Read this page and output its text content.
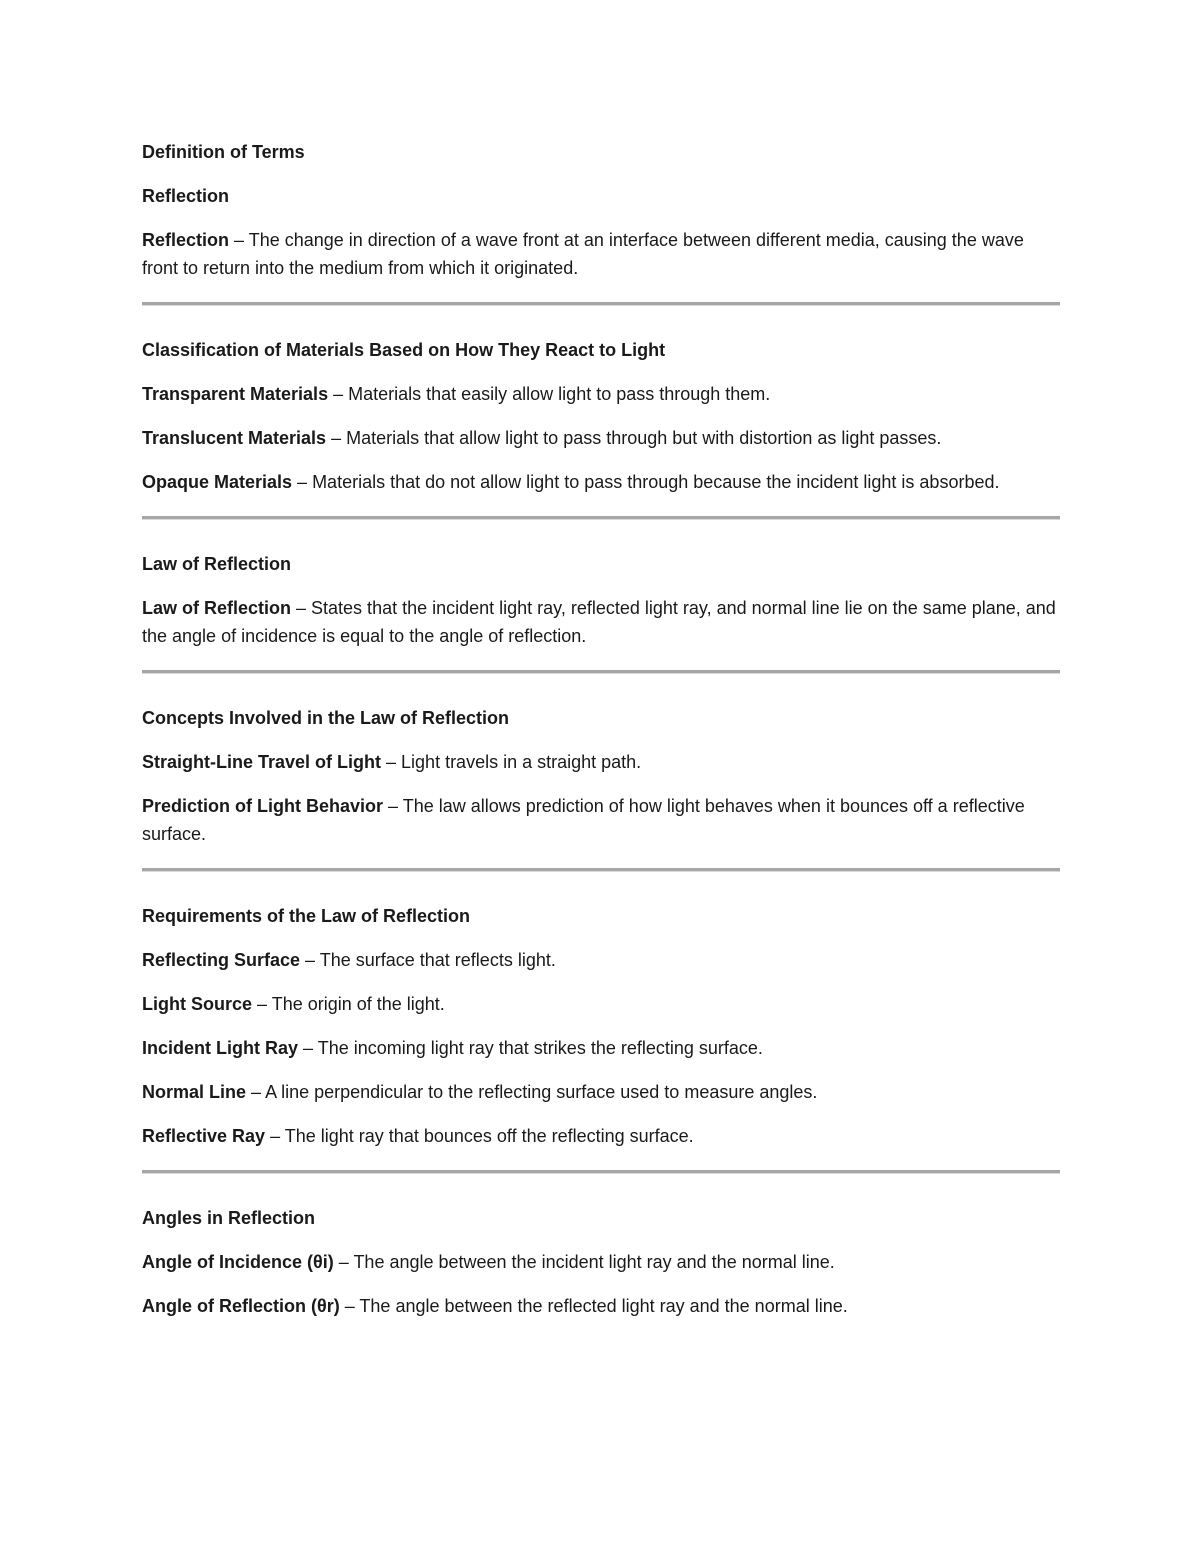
Definition of Terms
Reflection
Reflection – The change in direction of a wave front at an interface between different media, causing the wave front to return into the medium from which it originated.
Classification of Materials Based on How They React to Light
Transparent Materials – Materials that easily allow light to pass through them.
Translucent Materials – Materials that allow light to pass through but with distortion as light passes.
Opaque Materials – Materials that do not allow light to pass through because the incident light is absorbed.
Law of Reflection
Law of Reflection – States that the incident light ray, reflected light ray, and normal line lie on the same plane, and the angle of incidence is equal to the angle of reflection.
Concepts Involved in the Law of Reflection
Straight-Line Travel of Light – Light travels in a straight path.
Prediction of Light Behavior – The law allows prediction of how light behaves when it bounces off a reflective surface.
Requirements of the Law of Reflection
Reflecting Surface – The surface that reflects light.
Light Source – The origin of the light.
Incident Light Ray – The incoming light ray that strikes the reflecting surface.
Normal Line – A line perpendicular to the reflecting surface used to measure angles.
Reflective Ray – The light ray that bounces off the reflecting surface.
Angles in Reflection
Angle of Incidence (θi) – The angle between the incident light ray and the normal line.
Angle of Reflection (θr) – The angle between the reflected light ray and the normal line.
